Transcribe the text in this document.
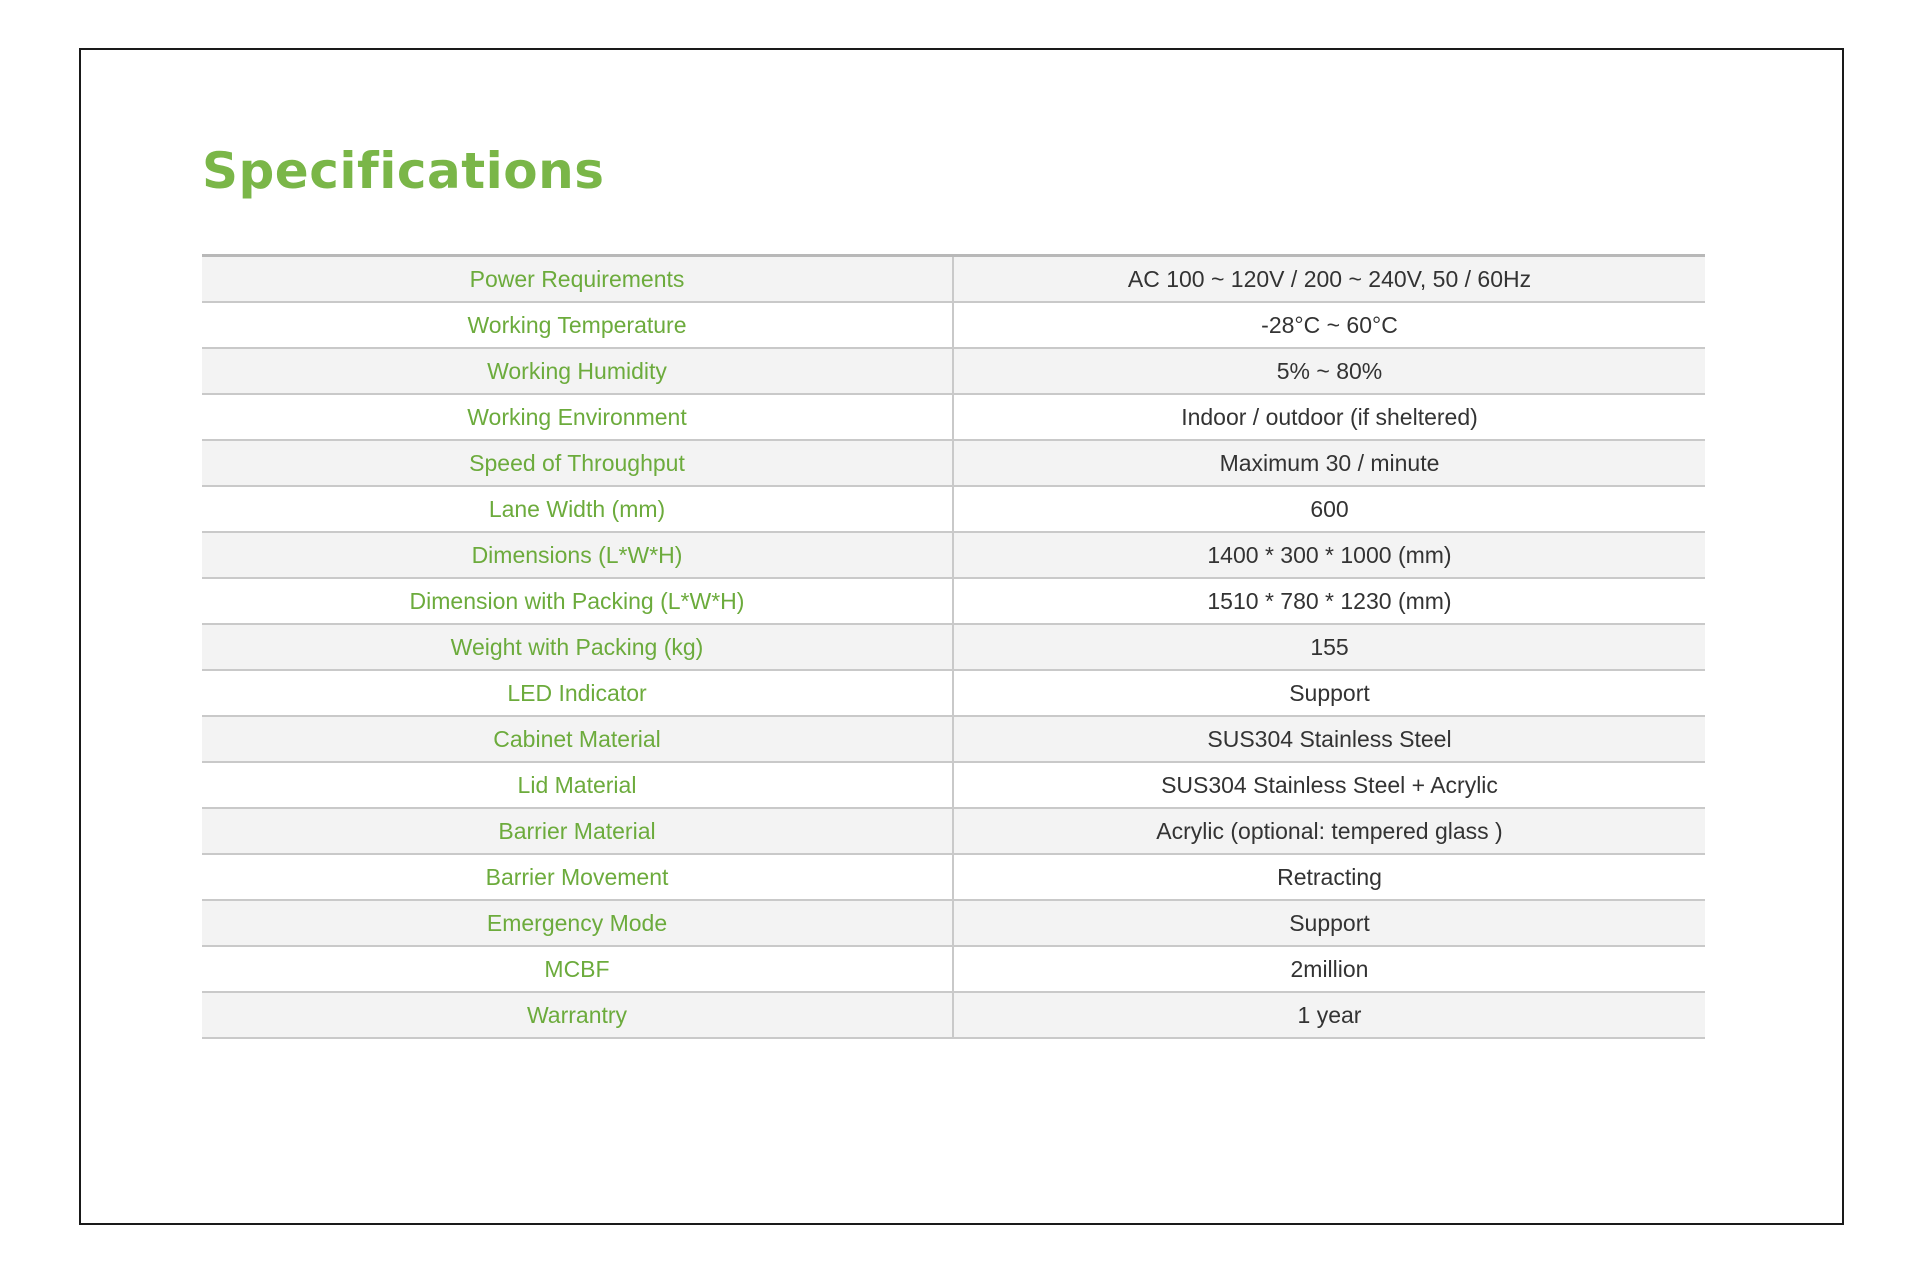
Specifications
Power Requirements	AC 100 ~ 120V / 200 ~ 240V, 50 / 60Hz
Working Temperature	-28°C ~ 60°C
Working Humidity	5% ~ 80%
Working Environment	Indoor / outdoor (if sheltered)
Speed of Throughput	Maximum 30 / minute
Lane Width (mm)	600
Dimensions (L*W*H)	1400 * 300 * 1000 (mm)
Dimension with Packing (L*W*H)	1510 * 780 * 1230 (mm)
Weight with Packing (kg)	155
LED Indicator	Support
Cabinet Material	SUS304 Stainless Steel
Lid Material	SUS304 Stainless Steel + Acrylic
Barrier Material	Acrylic (optional: tempered glass )
Barrier Movement	Retracting
Emergency Mode	Support
MCBF	2million
Warrantry	1 year
